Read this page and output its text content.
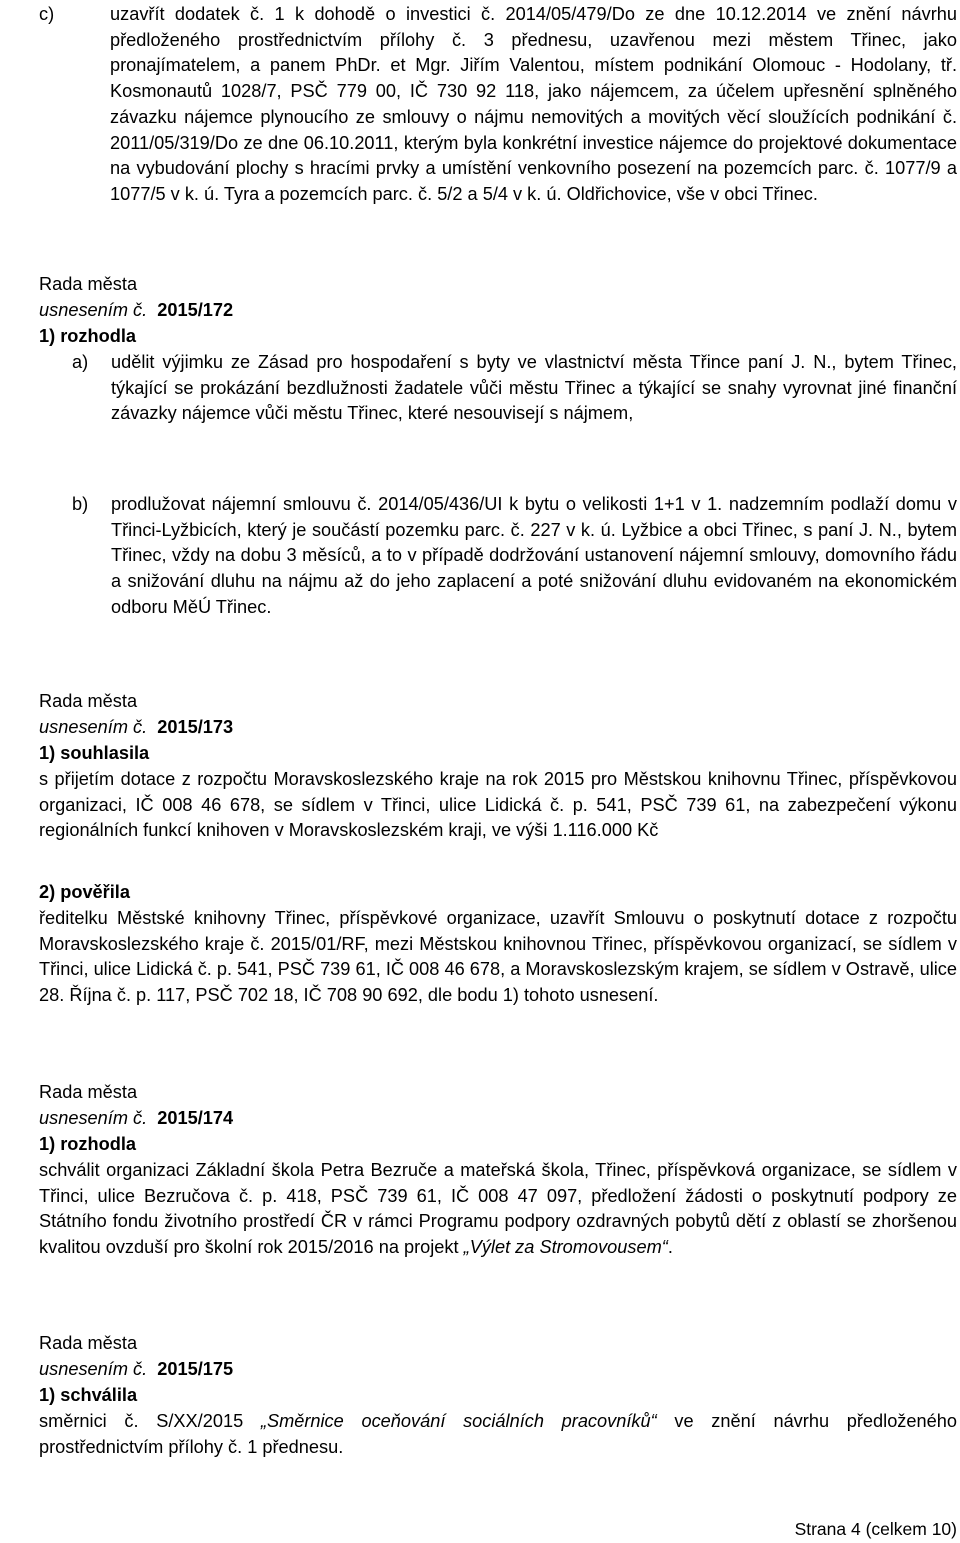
c)	uzavřít dodatek č. 1 k dohodě o investici č. 2014/05/479/Do ze dne 10.12.2014 ve znění návrhu předloženého prostřednictvím přílohy č. 3 přednesu, uzavřenou mezi městem Třinec, jako pronajímatelem, a panem PhDr. et Mgr. Jiřím Valentou, místem podnikání Olomouc - Hodolany, tř. Kosmonautů 1028/7, PSČ 779 00, IČ 730 92 118, jako nájemcem, za účelem upřesnění splněného závazku nájemce plynoucího ze smlouvy o nájmu nemovitých a movitých věcí sloužících podnikání č. 2011/05/319/Do ze dne 06.10.2011, kterým byla konkrétní investice nájemce do projektové dokumentace na vybudování plochy s hracími prvky a umístění venkovního posezení na pozemcích parc. č. 1077/9 a 1077/5 v k. ú. Tyra a pozemcích parc. č. 5/2 a 5/4 v k. ú. Oldřichovice, vše v obci Třinec.
Rada města
usnesením č. 2015/172
1) rozhodla
a) udělit výjimku ze Zásad pro hospodaření s byty ve vlastnictví města Třince paní J. N., bytem Třinec, týkající se prokázání bezdlužnosti žadatele vůči městu Třinec a týkající se snahy vyrovnat jiné finanční závazky nájemce vůči městu Třinec, které nesouvisejí s nájmem,
b) prodlužovat nájemní smlouvu č. 2014/05/436/UI k bytu o velikosti 1+1 v 1. nadzemním podlaží domu v Třinci-Lyžbicích, který je součástí pozemku parc. č. 227 v k. ú. Lyžbice a obci Třinec, s paní J. N., bytem Třinec, vždy na dobu 3 měsíců, a to v případě dodržování ustanovení nájemní smlouvy, domovního řádu a snižování dluhu na nájmu až do jeho zaplacení a poté snižování dluhu evidovaném na ekonomickém odboru MěÚ Třinec.
Rada města
usnesením č. 2015/173
1) souhlasila
s přijetím dotace z rozpočtu Moravskoslezského kraje na rok 2015 pro Městskou knihovnu Třinec, příspěvkovou organizaci, IČ 008 46 678, se sídlem v Třinci, ulice Lidická č. p. 541, PSČ 739 61, na zabezpečení výkonu regionálních funkcí knihoven v Moravskoslezském kraji, ve výši 1.116.000 Kč
2) pověřila
ředitelku Městské knihovny Třinec, příspěvkové organizace, uzavřít Smlouvu o poskytnutí dotace z rozpočtu Moravskoslezského kraje č. 2015/01/RF, mezi Městskou knihovnou Třinec, příspěvkovou organizací, se sídlem v Třinci, ulice Lidická č. p. 541, PSČ 739 61, IČ 008 46 678, a Moravskoslezským krajem, se sídlem v Ostravě, ulice 28. Října č. p. 117, PSČ 702 18, IČ 708 90 692, dle bodu 1) tohoto usnesení.
Rada města
usnesením č. 2015/174
1) rozhodla
schválit organizaci Základní škola Petra Bezruče a mateřská škola, Třinec, příspěvková organizace, se sídlem v Třinci, ulice Bezručova č. p. 418, PSČ 739 61, IČ 008 47 097, předložení žádosti o poskytnutí podpory ze Státního fondu životního prostředí ČR v rámci Programu podpory ozdravných pobytů dětí z oblastí se zhoršenou kvalitou ovzduší pro školní rok 2015/2016 na projekt „Výlet za Stromovousem“.
Rada města
usnesením č. 2015/175
1) schválila
směrnici č. S/XX/2015 „Směrnice oceňování sociálních pracovníků“ ve znění návrhu předloženého prostřednictvím přílohy č. 1 přednesu.
Strana 4 (celkem 10)
